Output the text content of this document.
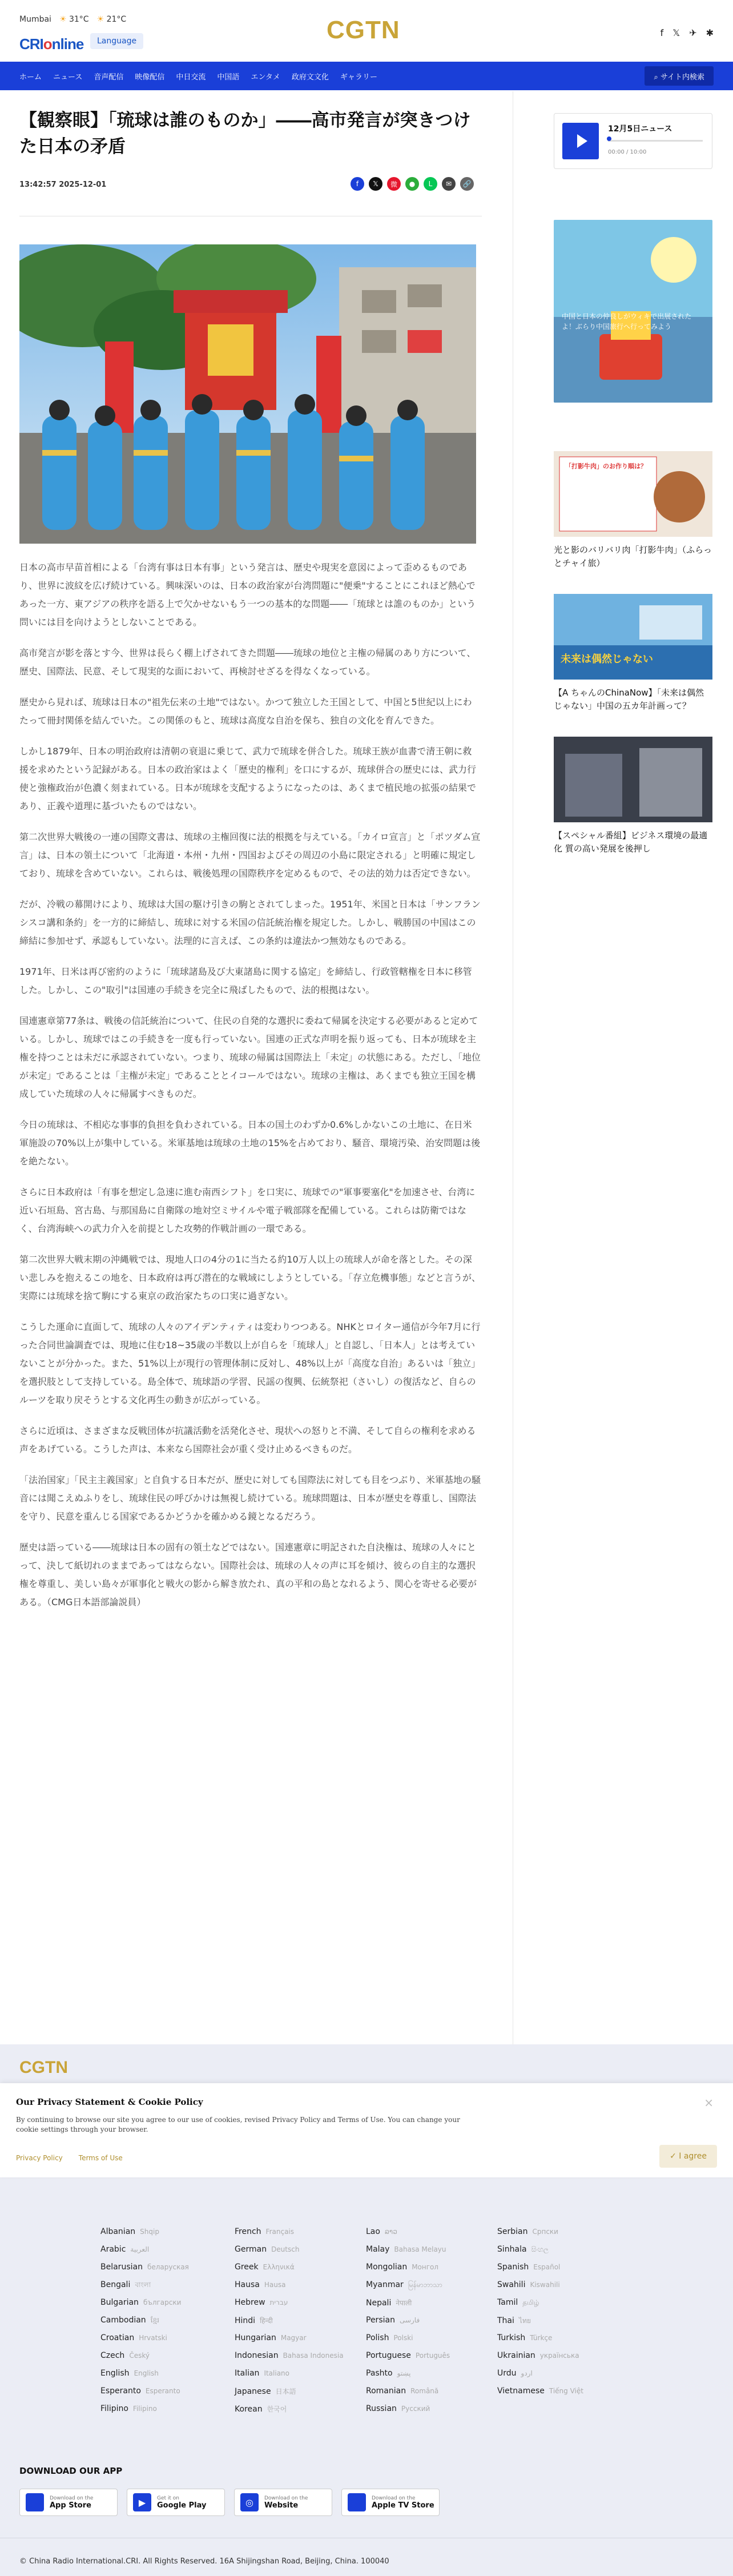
Mumbai ☀ 31°C ☀ 21°C
CRIonline	Language	CGTN	f 𝕏 ✈ ✱
ホーム ニュース 音声配信 映像配信 中日交流 中国語 エンタメ 政府文文化 ギャラリー	⌕ サイト内検索
【観察眼】「琉球は誰のものか」――高市発言が突きつけた日本の矛盾
13:42:57 2025-12-01	f	𝕏	微	●	L	✉	🔗

日本の高市早苗首相による「台湾有事は日本有事」という発言は、歴史や現実を意図によって歪めるものであり、世界に波紋を広げ続けている。興味深いのは、日本の政治家が台湾問題に"便乗"することにこれほど熱心であった一方、東アジアの秩序を語る上で欠かせないもう一つの基本的な問題――「琉球とは誰のものか」という問いには目を向けようとしないことである。

高市発言が影を落とす今、世界は長らく棚上げされてきた問題――琉球の地位と主権の帰属のあり方について、歴史、国際法、民意、そして現実的な面において、再検討せざるを得なくなっている。

歴史から見れば、琉球は日本の"祖先伝来の土地"ではない。かつて独立した王国として、中国と5世紀以上にわたって冊封関係を結んでいた。この関係のもと、琉球は高度な自治を保ち、独自の文化を育んできた。

しかし1879年、日本の明治政府は清朝の衰退に乗じて、武力で琉球を併合した。琉球王族が血書で清王朝に救援を求めたという記録がある。日本の政治家はよく「歴史的権利」を口にするが、琉球併合の歴史には、武力行使と強権政治が色濃く刻まれている。日本が琉球を支配するようになったのは、あくまで植民地の拡張の結果であり、正義や道理に基づいたものではない。

第二次世界大戦後の一連の国際文書は、琉球の主権回復に法的根拠を与えている。「カイロ宣言」と「ポツダム宣言」は、日本の領土について「北海道・本州・九州・四国およびその周辺の小島に限定される」と明確に規定しており、琉球を含めていない。これらは、戦後処理の国際秩序を定めるもので、その法的効力は否定できない。

だが、冷戦の幕開けにより、琉球は大国の駆け引きの駒とされてしまった。1951年、米国と日本は「サンフランシスコ講和条約」を一方的に締結し、琉球に対する米国の信託統治権を規定した。しかし、戦勝国の中国はこの締結に参加せず、承認もしていない。法理的に言えば、この条約は違法かつ無効なものである。

1971年、日米は再び密約のように「琉球諸島及び大東諸島に関する協定」を締結し、行政管轄権を日本に移管した。しかし、この"取引"は国連の手続きを完全に飛ばしたもので、法的根拠はない。

国連憲章第77条は、戦後の信託統治について、住民の自発的な選択に委ねて帰属を決定する必要があると定めている。しかし、琉球ではこの手続きを一度も行っていない。国連の正式な声明を振り返っても、日本が琉球を主権を持つことは未だに承認されていない。つまり、琉球の帰属は国際法上「未定」の状態にある。ただし、「地位が未定」であることは「主権が未定」であることとイコールではない。琉球の主権は、あくまでも独立王国を構成していた琉球の人々に帰属すべきものだ。

今日の琉球は、不相応な事事的負担を負わされている。日本の国土のわずか0.6%しかないこの土地に、在日米軍施設の70%以上が集中している。米軍基地は琉球の土地の15%を占めており、騒音、環境汚染、治安問題は後を絶たない。

さらに日本政府は「有事を想定し急速に進む南西シフト」を口実に、琉球での"軍事要塞化"を加速させ、台湾に近い石垣島、宮古島、与那国島に自衛隊の地対空ミサイルや電子戦部隊を配備している。これらは防衛ではなく、台湾海峡への武力介入を前提とした攻勢的作戦計画の一環である。

第二次世界大戦末期の沖縄戦では、現地人口の4分の1に当たる約10万人以上の琉球人が命を落とした。その深い悲しみを抱えるこの地を、日本政府は再び潜在的な戦域にしようとしている。「存立危機事態」などと言うが、実際には琉球を捨て駒にする東京の政治家たちの口実に過ぎない。

こうした運命に直面して、琉球の人々のアイデンティティは変わりつつある。NHKとロイター通信が今年7月に行った合同世論調査では、現地に住む18~35歳の半数以上が自らを「琉球人」と自認し、「日本人」とは考えていないことが分かった。また、51%以上が現行の管理体制に反対し、48%以上が「高度な自治」あるいは「独立」を選択肢として支持している。島全体で、琉球語の学習、民謡の復興、伝統祭祀（さいし）の復活など、自らのルーツを取り戻そうとする文化再生の動きが広がっている。

さらに近頃は、さまざまな反戦団体が抗議活動を活発化させ、現状への怒りと不満、そして自らの権利を求める声をあげている。こうした声は、本来なら国際社会が重く受け止めるべきものだ。

「法治国家」「民主主義国家」と自負する日本だが、歴史に対しても国際法に対しても目をつぶり、米軍基地の騒音には聞こえぬふりをし、琉球住民の呼びかけは無視し続けている。琉球問題は、日本が歴史を尊重し、国際法を守り、民意を重んじる国家であるかどうかを確かめる鏡となるだろう。

歴史は語っている――琉球は日本の固有の領土などではない。国連憲章に明記された自決権は、琉球の人々にとって、決して紙切れのままであってはならない。国際社会は、琉球の人々の声に耳を傾け、彼らの自主的な選択権を尊重し、美しい島々が軍事化と戦火の影から解き放たれ、真の平和の島となれるよう、関心を寄せる必要がある。（CMG日本語部論説員）

12月5日ニュース
00:00 / 10:00
中国と日本の仲良しがウィキで出展されたよ！ぶらり中国旅行へ行ってみよう
「打影牛肉」のお作り順は？
光と影のバリバリ肉「打影牛肉」（ふらっとチャイ旅）
未来は偶然じゃない
【A ちゃんのChinaNow】「未来は偶然じゃない」中国の五カ年計画って？
【スペシャル番組】ビジネス環境の最適化 質の高い発展を後押し
CGTN
Our Privacy Statement & Cookie Policy
By continuing to browse our site you agree to our use of cookies, revised Privacy Policy and Terms of Use. You can change your cookie settings through your browser.
Privacy Policy Terms of Use	✓ I agree
×
Albanian Shqip
Arabic العربية
Belarusian беларуская
Bengali বাংলা
Bulgarian български
Cambodian ខ្មែរ
Croatian Hrvatski
Czech Český
English English
Esperanto Esperanto
Filipino Filipino
French Français
German Deutsch
Greek Ελληνικά
Hausa Hausa
Hebrew עברית
Hindi हिन्दी
Hungarian Magyar
Indonesian Bahasa Indonesia
Italian Italiano
Japanese 日本語
Korean 한국어
Lao ລາວ
Malay Bahasa Melayu
Mongolian Монгол
Myanmar မြန်မာဘာသာ
Nepali नेपाली
Persian فارسی
Polish Polski
Portuguese Português
Pashto پښتو
Romanian Română
Russian Русский
Serbian Српски
Sinhala සිංහල
Spanish Español
Swahili Kiswahili
Tamil தமிழ்
Thai ไทย
Turkish Türkçe
Ukrainian українська
Urdu اردو
Vietnamese Tiếng Việt
DOWNLOAD OUR APP
Download on the
App Store	▶	Get it on
Google Play	◎	Download on the
Website
Download on the
Apple TV Store
© China Radio International.CRI. All Rights Reserved. 16A Shijingshan Road, Beijing, China. 100040
